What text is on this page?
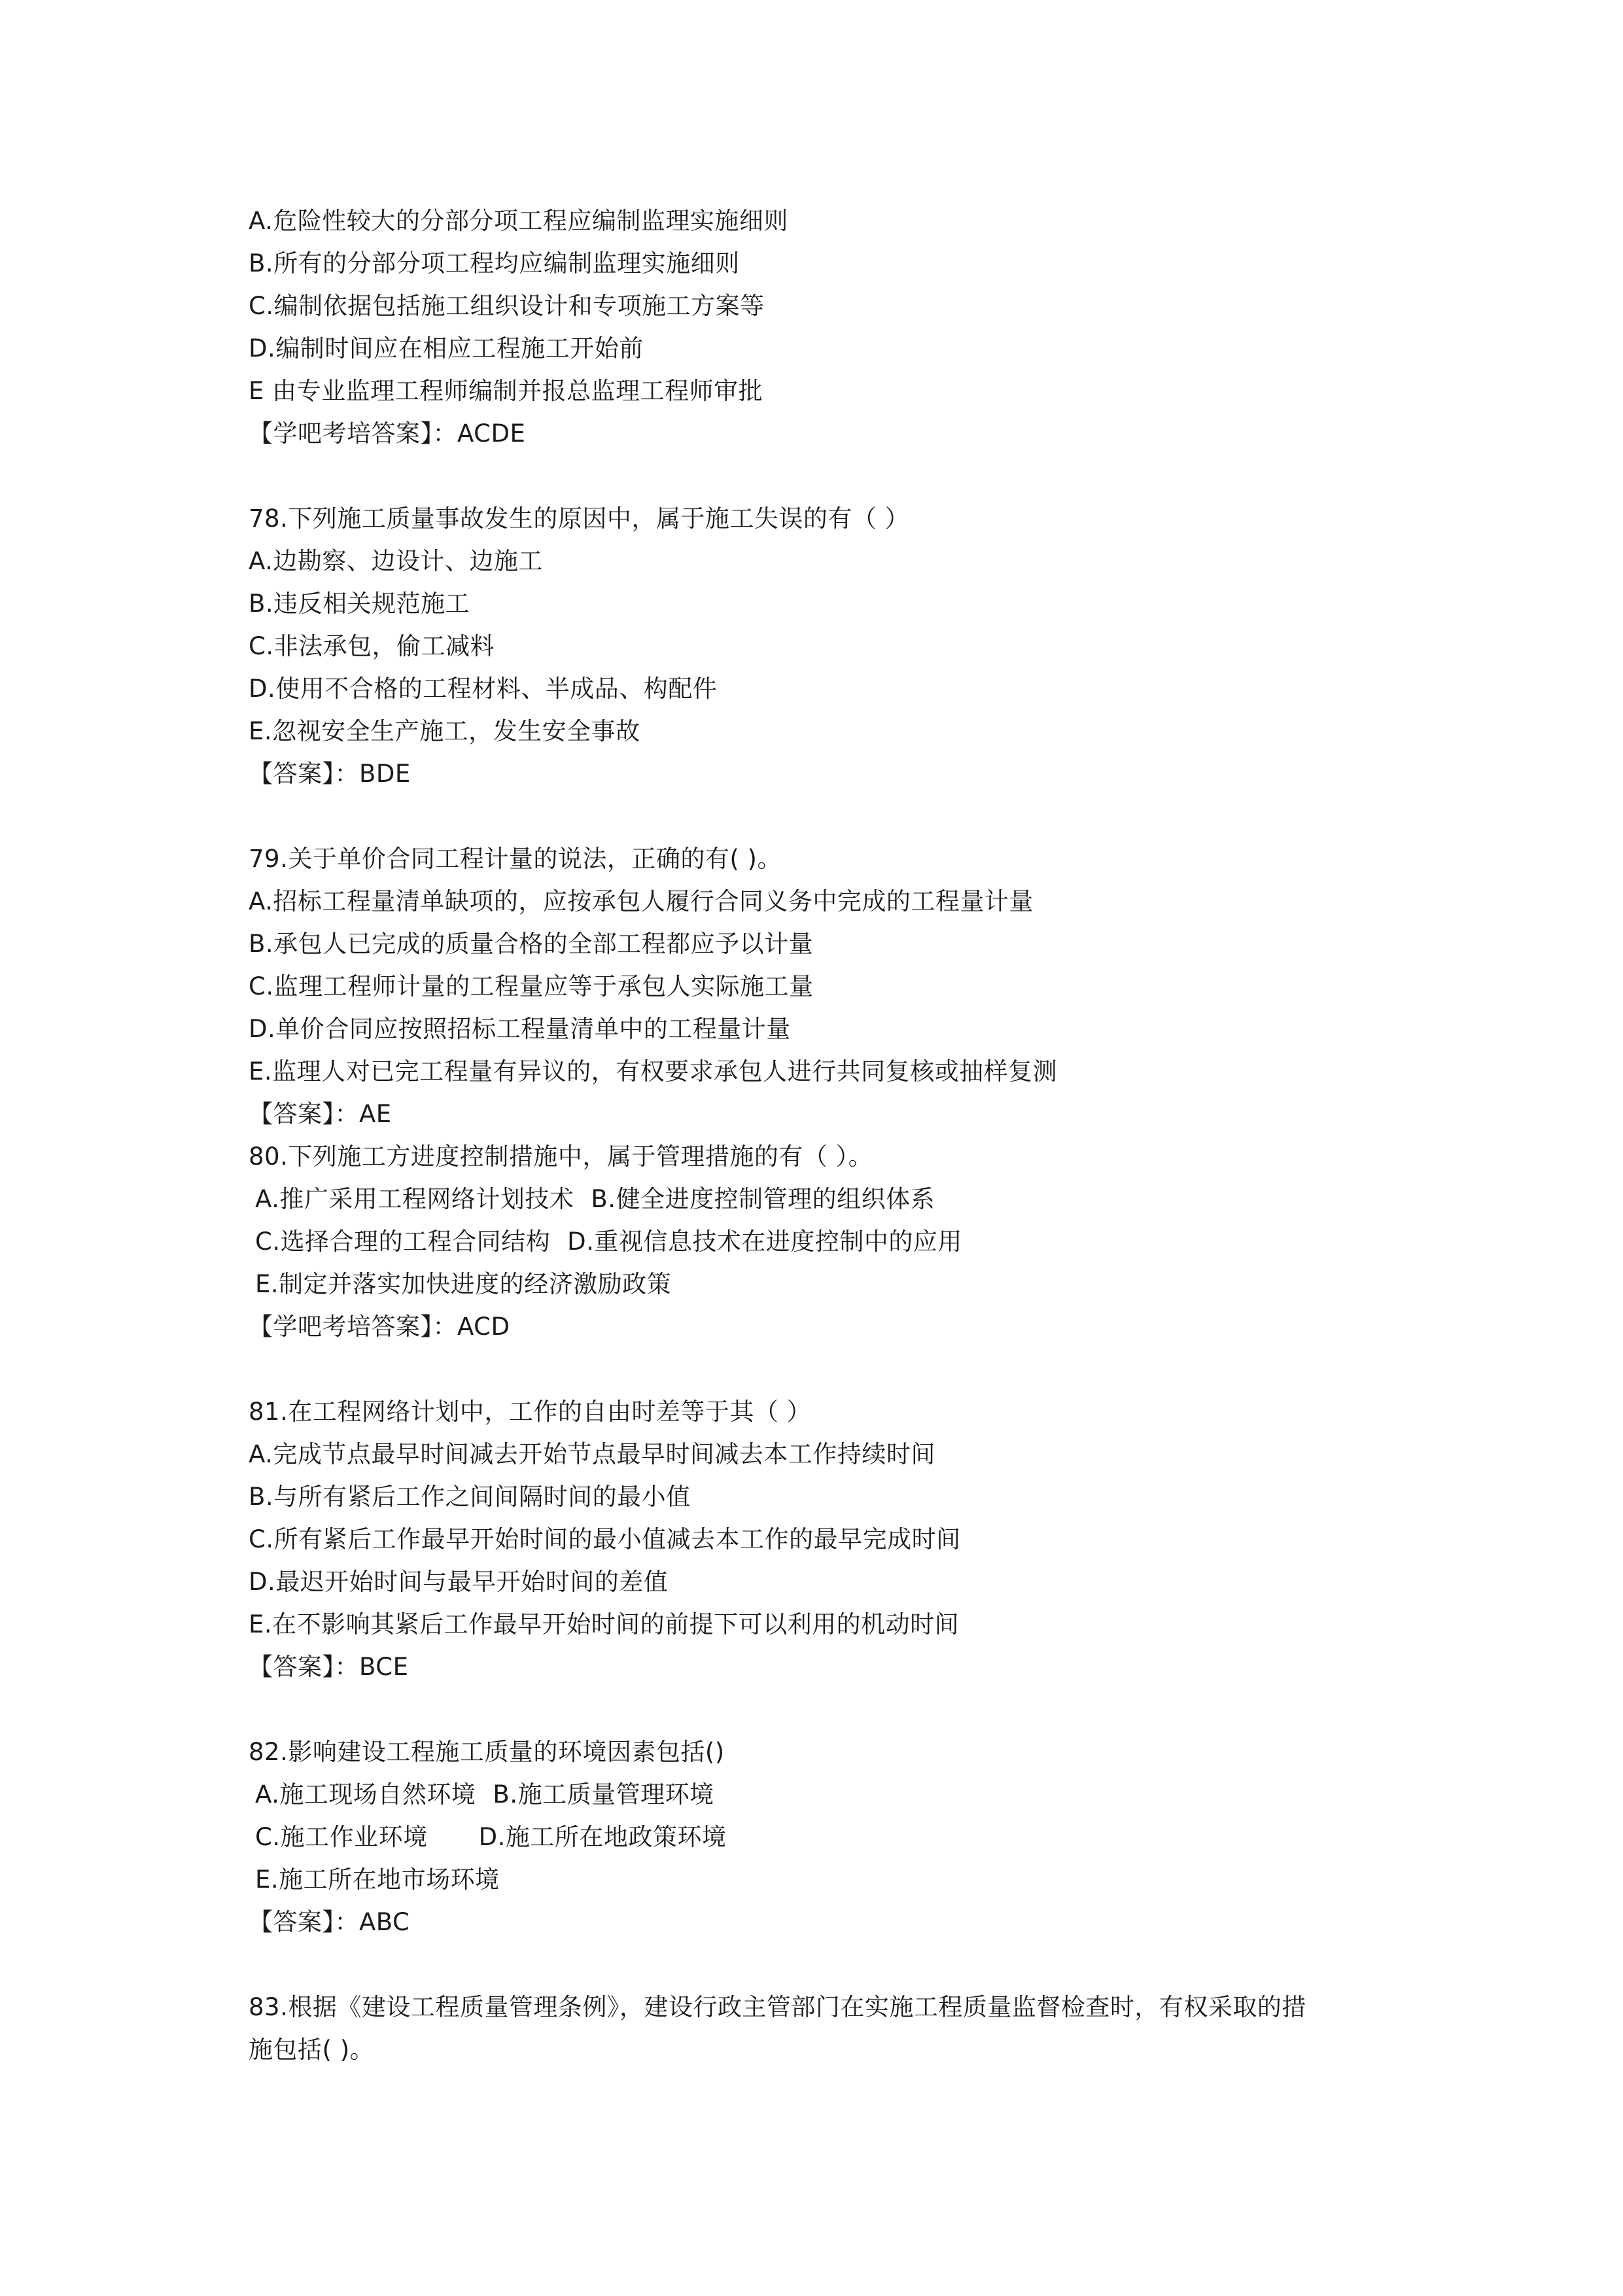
A.危险性较大的分部分项工程应编制监理实施细则
B.所有的分部分项工程均应编制监理实施细则
C.编制依据包括施工组织设计和专项施工方案等
D.编制时间应在相应工程施工开始前
E 由专业监理工程师编制并报总监理工程师审批
【学吧考培答案】：ACDE
78.下列施工质量事故发生的原因中，属于施工失误的有（ ）
A.边勘察、边设计、边施工
B.违反相关规范施工
C.非法承包，偷工减料
D.使用不合格的工程材料、半成品、构配件
E.忽视安全生产施工，发生安全事故
【答案】：BDE
79.关于单价合同工程计量的说法，正确的有( )。
A.招标工程量清单缺项的，应按承包人履行合同义务中完成的工程量计量
B.承包人已完成的质量合格的全部工程都应予以计量
C.监理工程师计量的工程量应等于承包人实际施工量
D.单价合同应按照招标工程量清单中的工程量计量
E.监理人对已完工程量有异议的，有权要求承包人进行共同复核或抽样复测
【答案】：AE
80.下列施工方进度控制措施中，属于管理措施的有（ ）。
A.推广采用工程网络计划技术 B.健全进度控制管理的组织体系
C.选择合理的工程合同结构 D.重视信息技术在进度控制中的应用
E.制定并落实加快进度的经济激励政策
【学吧考培答案】：ACD
81.在工程网络计划中，工作的自由时差等于其（ ）
A.完成节点最早时间减去开始节点最早时间减去本工作持续时间
B.与所有紧后工作之间间隔时间的最小值
C.所有紧后工作最早开始时间的最小值减去本工作的最早完成时间
D.最迟开始时间与最早开始时间的差值
E.在不影响其紧后工作最早开始时间的前提下可以利用的机动时间
【答案】：BCE
82.影响建设工程施工质量的环境因素包括()
A.施工现场自然环境 B.施工质量管理环境
C.施工作业环境 D.施工所在地政策环境
E.施工所在地市场环境
【答案】：ABC
83.根据《建设工程质量管理条例》，建设行政主管部门在实施工程质量监督检查时，有权采取的措
施包括( )。
